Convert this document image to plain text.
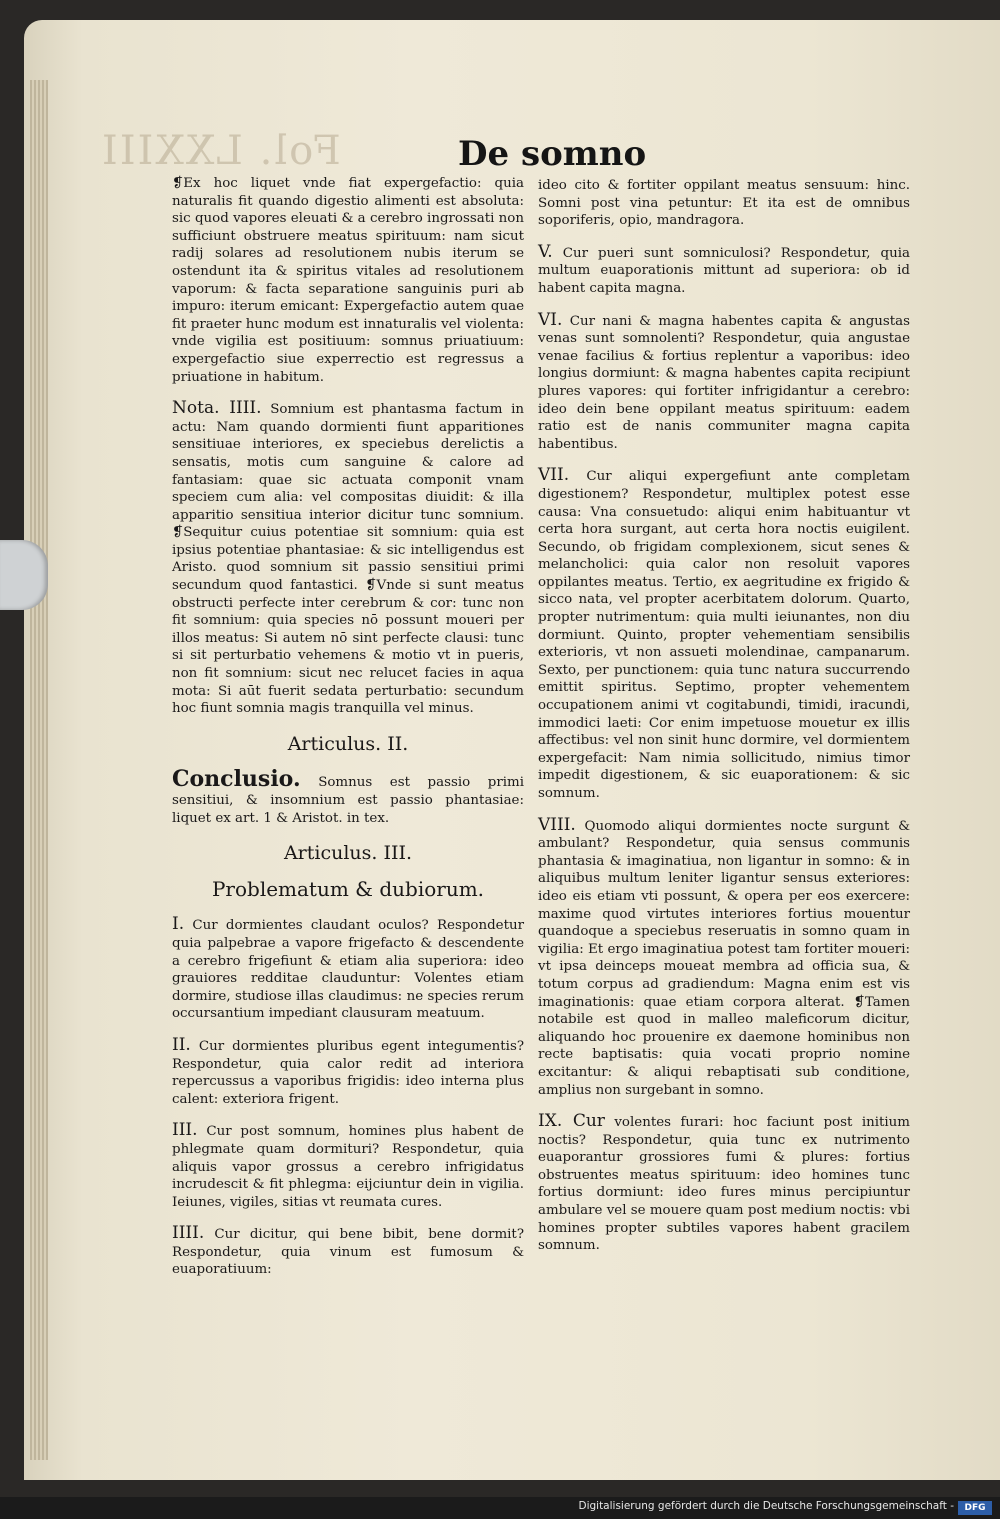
Fol. LXXIII	De somno

❡Ex hoc liquet vnde fiat expergefactio: quia naturalis fit quando digestio alimenti est absoluta: sic quod vapores eleuati & a cerebro ingrossati non sufficiunt obstruere meatus spirituum: nam sicut radij solares ad resolutionem nubis iterum se ostendunt ita & spiritus vitales ad resolutionem vaporum: & facta separatione sanguinis puri ab impuro: iterum emicant: Expergefactio autem quae fit praeter hunc modum est innaturalis vel violenta: vnde vigilia est positiuum: somnus priuatiuum: expergefactio siue experrectio est regressus a priuatione in habitum.

Nota. IIII. Somnium est phantasma factum in actu: Nam quando dormienti fiunt apparitiones sensitiuae interiores, ex speciebus derelictis a sensatis, motis cum sanguine & calore ad fantasiam: quae sic actuata componit vnam speciem cum alia: vel compositas diuidit: & illa apparitio sensitiua interior dicitur tunc somnium. ❡Sequitur cuius potentiae sit somnium: quia est ipsius potentiae phantasiae: & sic intelligendus est Aristo. quod somnium sit passio sensitiui primi secundum quod fantastici. ❡Vnde si sunt meatus obstructi perfecte inter cerebrum & cor: tunc non fit somnium: quia species nō possunt moueri per illos meatus: Si autem nō sint perfecte clausi: tunc si sit perturbatio vehemens & motio vt in pueris, non fit somnium: sicut nec relucet facies in aqua mota: Si aūt fuerit sedata perturbatio: secundum hoc fiunt somnia magis tranquilla vel minus.

Articulus. II.

Conclusio. Somnus est passio primi sensitiui, & insomnium est passio phantasiae: liquet ex art. 1 & Aristot. in tex.

Articulus. III.
Problematum & dubiorum.

I. Cur dormientes claudant oculos? Respondetur quia palpebrae a vapore frigefacto & descendente a cerebro frigefiunt & etiam alia superiora: ideo grauiores redditae clauduntur: Volentes etiam dormire, studiose illas claudimus: ne species rerum occursantium impediant clausuram meatuum.

II. Cur dormientes pluribus egent integumentis? Respondetur, quia calor redit ad interiora repercussus a vaporibus frigidis: ideo interna plus calent: exteriora frigent.

III. Cur post somnum, homines plus habent de phlegmate quam dormituri? Respondetur, quia aliquis vapor grossus a cerebro infrigidatus incrudescit & fit phlegma: eijciuntur dein in vigilia. Ieiunes, vigiles, sitias vt reumata cures.

IIII. Cur dicitur, qui bene bibit, bene dormit? Respondetur, quia vinum est fumosum & euaporatiuum:

ideo cito & fortiter oppilant meatus sensuum: hinc. Somni post vina petuntur: Et ita est de omnibus soporiferis, opio, mandragora.

V. Cur pueri sunt somniculosi? Respondetur, quia multum euaporationis mittunt ad superiora: ob id habent capita magna.

VI. Cur nani & magna habentes capita & angustas venas sunt somnolenti? Respondetur, quia angustae venae facilius & fortius replentur a vaporibus: ideo longius dormiunt: & magna habentes capita recipiunt plures vapores: qui fortiter infrigidantur a cerebro: ideo dein bene oppilant meatus spirituum: eadem ratio est de nanis communiter magna capita habentibus.

VII. Cur aliqui expergefiunt ante completam digestionem? Respondetur, multiplex potest esse causa: Vna consuetudo: aliqui enim habituantur vt certa hora surgant, aut certa hora noctis euigilent. Secundo, ob frigidam complexionem, sicut senes & melancholici: quia calor non resoluit vapores oppilantes meatus. Tertio, ex aegritudine ex frigido & sicco nata, vel propter acerbitatem dolorum. Quarto, propter nutrimentum: quia multi ieiunantes, non diu dormiunt. Quinto, propter vehementiam sensibilis exterioris, vt non assueti molendinae, campanarum. Sexto, per punctionem: quia tunc natura succurrendo emittit spiritus. Septimo, propter vehementem occupationem animi vt cogitabundi, timidi, iracundi, immodici laeti: Cor enim impetuose mouetur ex illis affectibus: vel non sinit hunc dormire, vel dormientem expergefacit: Nam nimia sollicitudo, nimius timor impedit digestionem, & sic euaporationem: & sic somnum.

VIII. Quomodo aliqui dormientes nocte surgunt & ambulant? Respondetur, quia sensus communis phantasia & imaginatiua, non ligantur in somno: & in aliquibus multum leniter ligantur sensus exteriores: ideo eis etiam vti possunt, & opera per eos exercere: maxime quod virtutes interiores fortius mouentur quandoque a speciebus reseruatis in somno quam in vigilia: Et ergo imaginatiua potest tam fortiter moueri: vt ipsa deinceps moueat membra ad officia sua, & totum corpus ad gradiendum: Magna enim est vis imaginationis: quae etiam corpora alterat. ❡Tamen notabile est quod in malleo maleficorum dicitur, aliquando hoc prouenire ex daemone hominibus non recte baptisatis: quia vocati proprio nomine excitantur: & aliqui rebaptisati sub conditione, amplius non surgebant in somno.

IX. Cur volentes furari: hoc faciunt post initium noctis? Respondetur, quia tunc ex nutrimento euaporantur grossiores fumi & plures: fortius obstruentes meatus spirituum: ideo homines tunc fortius dormiunt: ideo fures minus percipiuntur ambulare vel se mouere quam post medium noctis: vbi homines propter subtiles vapores habent gracilem somnum.

Digitalisierung gefördert durch die Deutsche Forschungsgemeinschaft -	DFG
